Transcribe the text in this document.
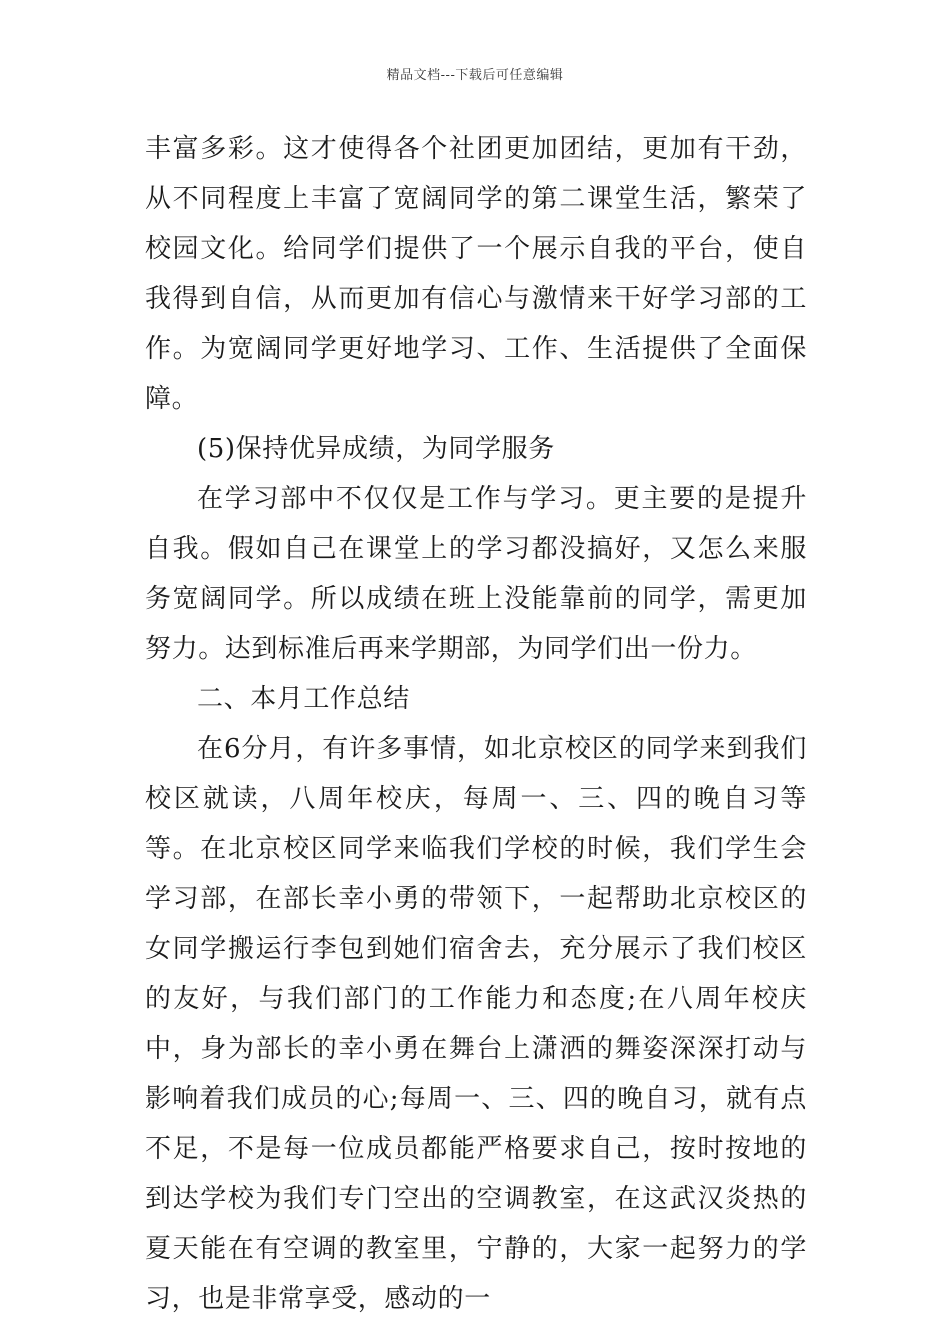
精品文档---下载后可任意编辑

丰富多彩。这才使得各个社团更加团结，更加有干劲，从不同程度上丰富了宽阔同学的第二课堂生活，繁荣了校园文化。给同学们提供了一个展示自我的平台，使自我得到自信，从而更加有信心与激情来干好学习部的工作。为宽阔同学更好地学习、工作、生活提供了全面保障。

(5)保持优异成绩，为同学服务

在学习部中不仅仅是工作与学习。更主要的是提升自我。假如自己在课堂上的学习都没搞好，又怎么来服务宽阔同学。所以成绩在班上没能靠前的同学，需更加努力。达到标准后再来学期部，为同学们出一份力。

二、本月工作总结

在6分月，有许多事情，如北京校区的同学来到我们校区就读，八周年校庆，每周一、三、四的晚自习等等。在北京校区同学来临我们学校的时候，我们学生会学习部，在部长幸小勇的带领下，一起帮助北京校区的女同学搬运行李包到她们宿舍去，充分展示了我们校区的友好，与我们部门的工作能力和态度;在八周年校庆中，身为部长的幸小勇在舞台上潇洒的舞姿深深打动与影响着我们成员的心;每周一、三、四的晚自习，就有点不足，不是每一位成员都能严格要求自己，按时按地的到达学校为我们专门空出的空调教室，在这武汉炎热的夏天能在有空调的教室里，宁静的，大家一起努力的学习，也是非常享受，感动的一
